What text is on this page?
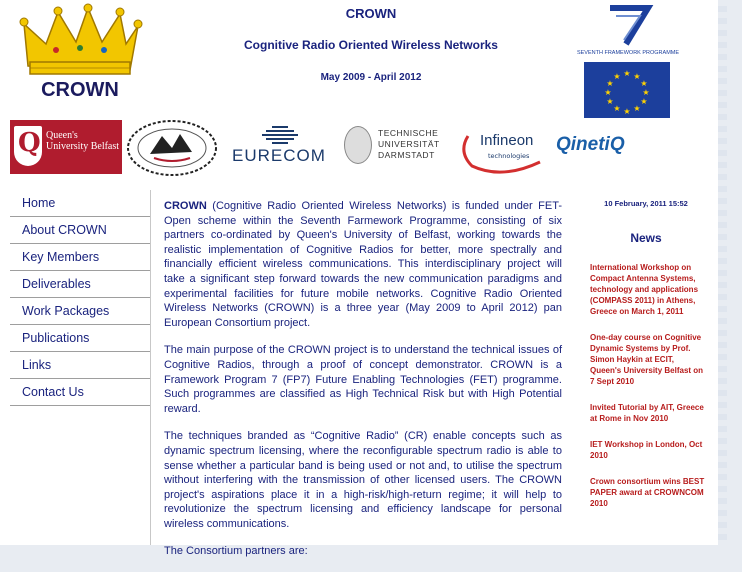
CROWN
CROWN
Cognitive Radio Oriented Wireless Networks
May 2009 - April 2012
SEVENTH FRAMEWORK PROGRAMME
★ ★
★
★
★
★
★
★
★
★
★
★
Q Queen's University Belfast	EURECOM
TECHNISCHE
UNIVERSITÄT
DARMSTADT
Infineon
technologies
QinetiQ
Home
About CROWN
Key Members
Deliverables
Work Packages
Publications
Links
Contact Us

CROWN (Cognitive Radio Oriented Wireless Networks) is funded under FET-Open scheme within the Seventh Farmework Programme, consisting of six partners co-ordinated by Queen's University of Belfast, working towards the realistic implementation of Cognitive Radios for better, more spectrally and financially efficient wireless communications. This interdisciplinary project will take a significant step forward towards the new communication paradigms and experimental facilities for future mobile networks. Cognitive Radio Oriented Wireless Networks (CROWN) is a three year (May 2009 to April 2012) pan European Consortium project.

The main purpose of the CROWN project is to understand the technical issues of Cognitive Radios, through a proof of concept demonstrator. CROWN is a Framework Program 7 (FP7) Future Enabling Technologies (FET) programme. Such programmes are classified as High Technical Risk but with High Potential reward.

The techniques branded as “Cognitive Radio” (CR) enable concepts such as dynamic spectrum licensing, where the reconfigurable spectrum radio is able to sense whether a particular band is being used or not and, to utilise the spectrum without interfering with the transmission of other licensed users. The CROWN project's aspirations place it in a high-risk/high-return regime; it will help to revolutionize the spectrum licensing and efficiency landscape for personal wireless communications.

The Consortium partners are:

10 February, 2011 15:52
News
International Workshop on Compact Antenna Systems, technology and applications (COMPASS 2011) in Athens, Greece on March 1, 2011
One-day course on Cognitive Dynamic Systems by Prof. Simon Haykin at ECIT, Queen's University Belfast on 7 Sept 2010
Invited Tutorial by AIT, Greece at Rome in Nov 2010
IET Workshop in London, Oct 2010
Crown consortium wins BEST PAPER award at CROWNCOM 2010
